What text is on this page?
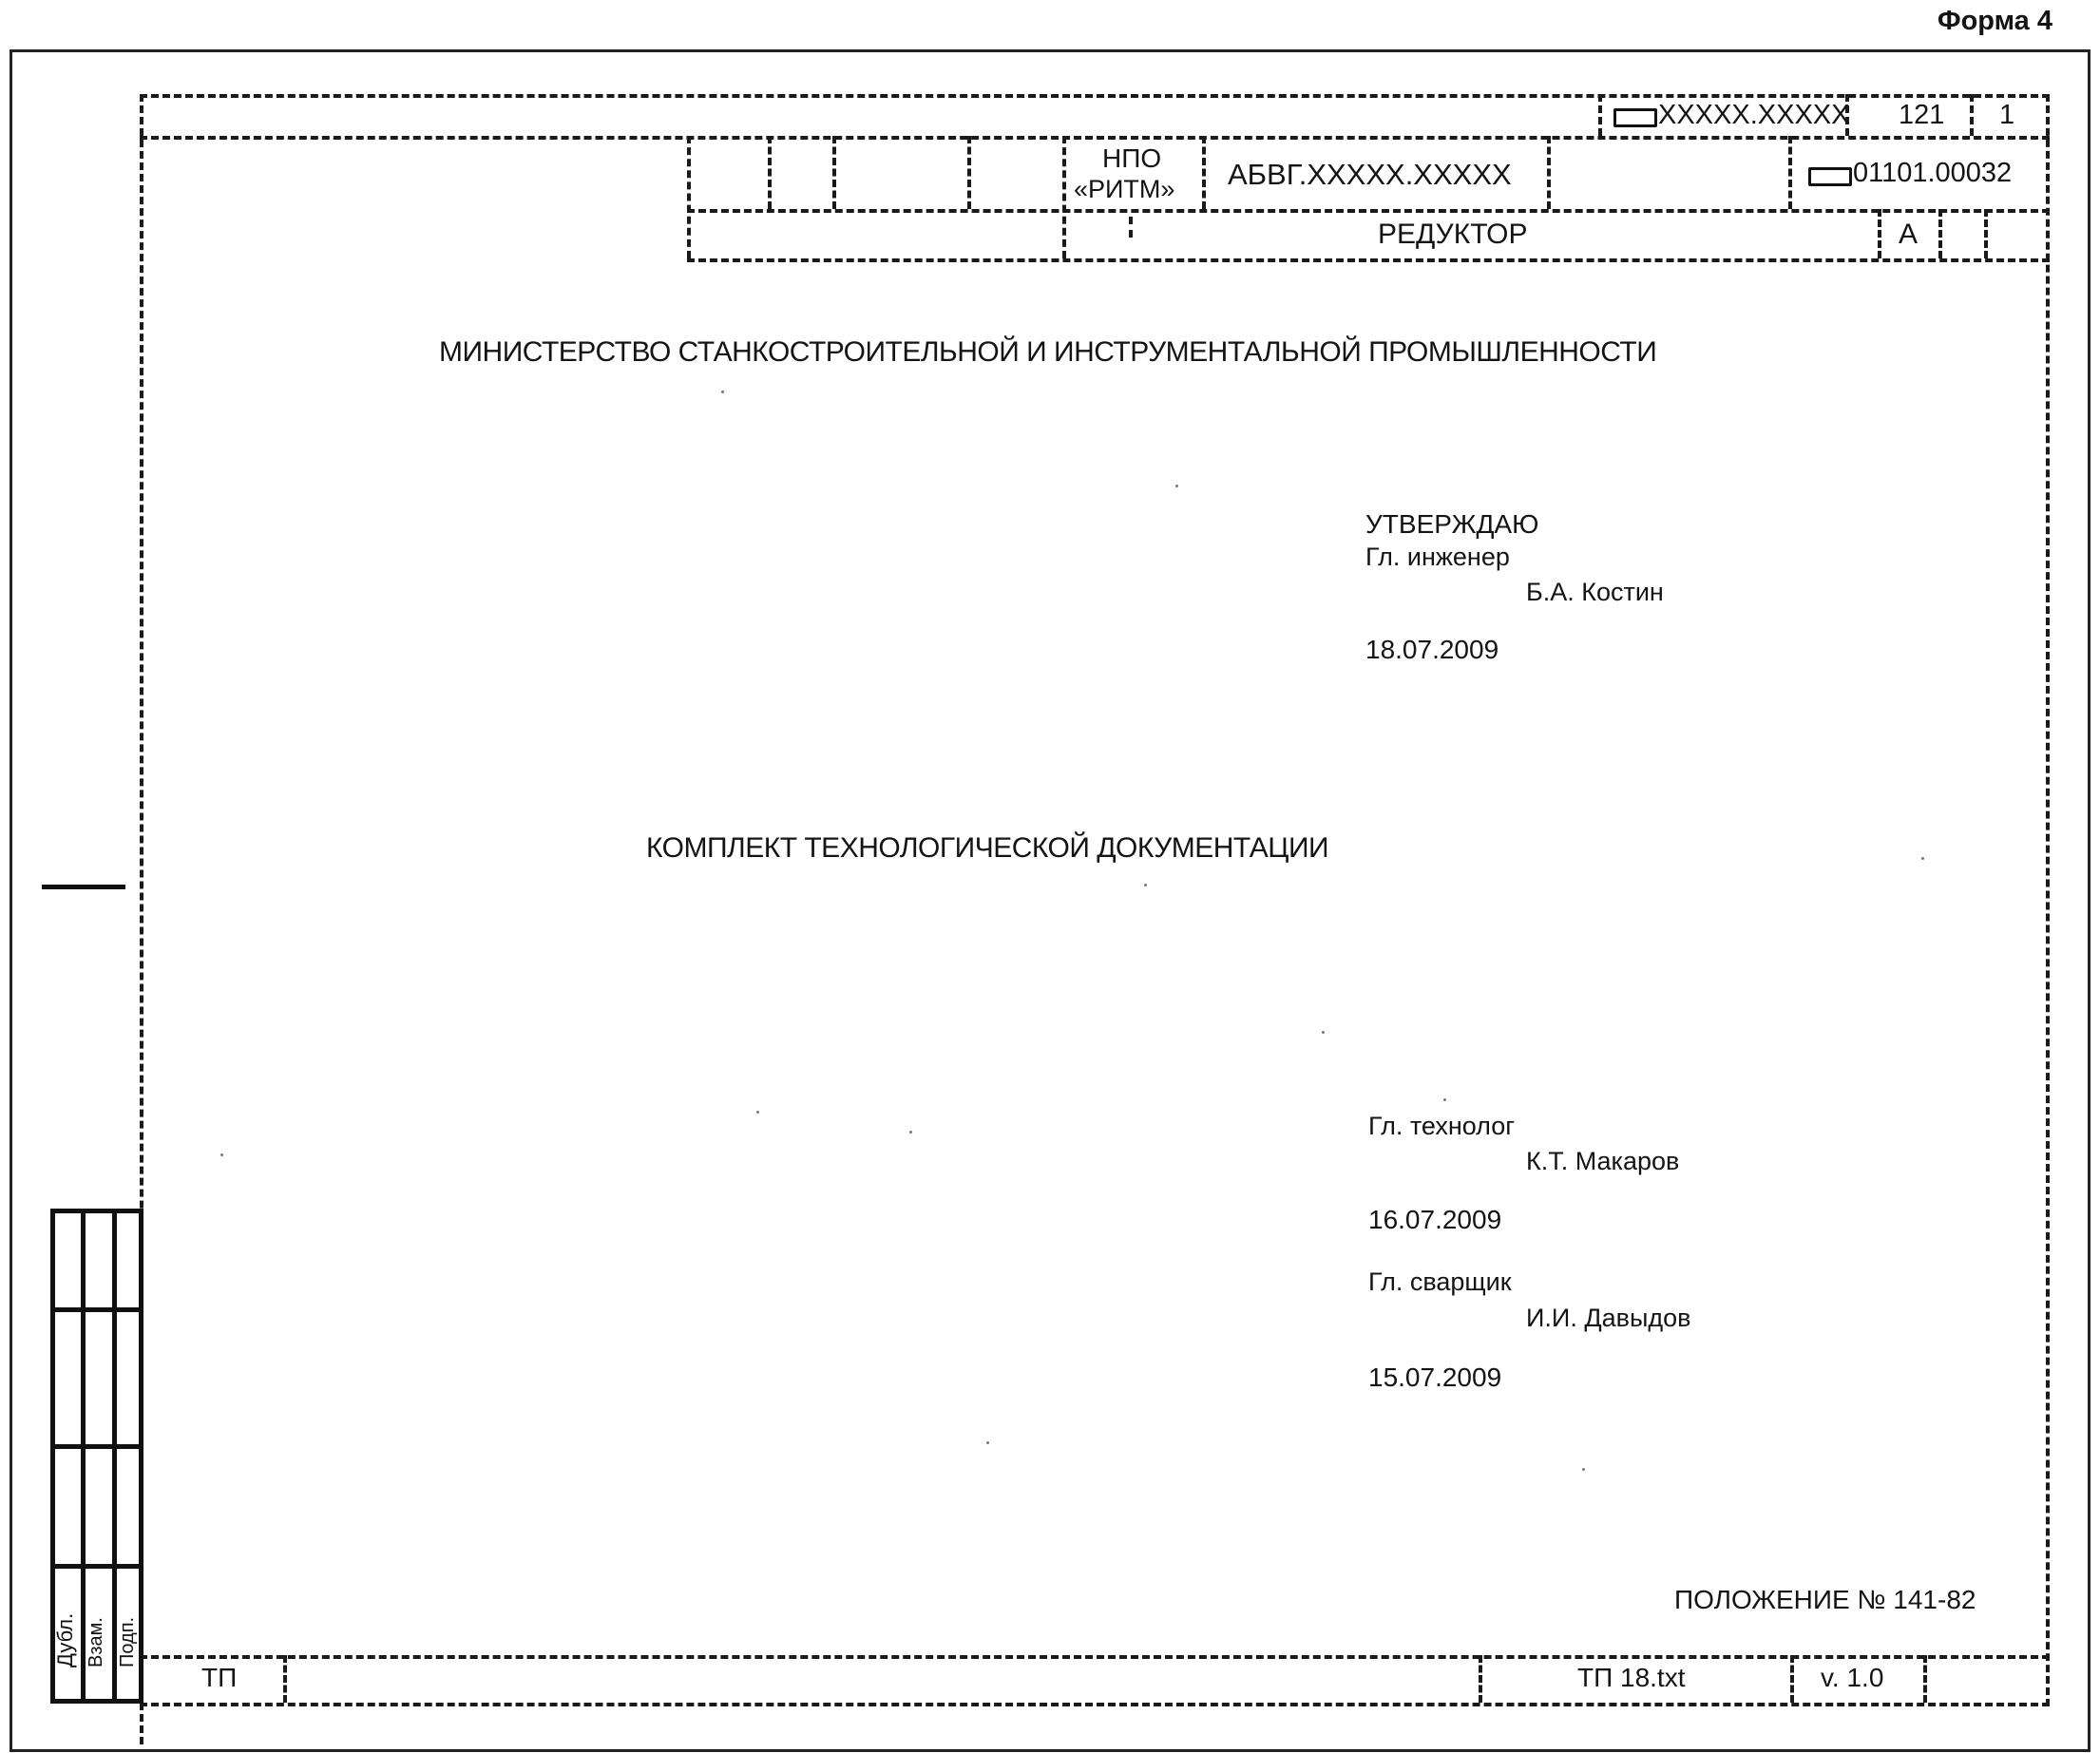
Форма 4
XXXXX.XXXXX 121 1
НПО
«РИТМ» АБВГ.XXXXX.XXXXX	01101.00032
РЕДУКТОР	А
МИНИСТЕРСТВО СТАНКОСТРОИТЕЛЬНОЙ И ИНСТРУМЕНТАЛЬНОЙ ПРОМЫШЛЕННОСТИ
УТВЕРЖДАЮ
Гл. инженер
Б.А. Костин
18.07.2009
КОМПЛЕКТ ТЕХНОЛОГИЧЕСКОЙ ДОКУМЕНТАЦИИ
Гл. технолог
К.Т. Макаров
16.07.2009
Гл. сварщик
И.И. Давыдов
15.07.2009
ПОЛОЖЕНИЕ № 141-82
ТП	ТП 18.txt	v. 1.0
Дубл. Взам. Подп.
